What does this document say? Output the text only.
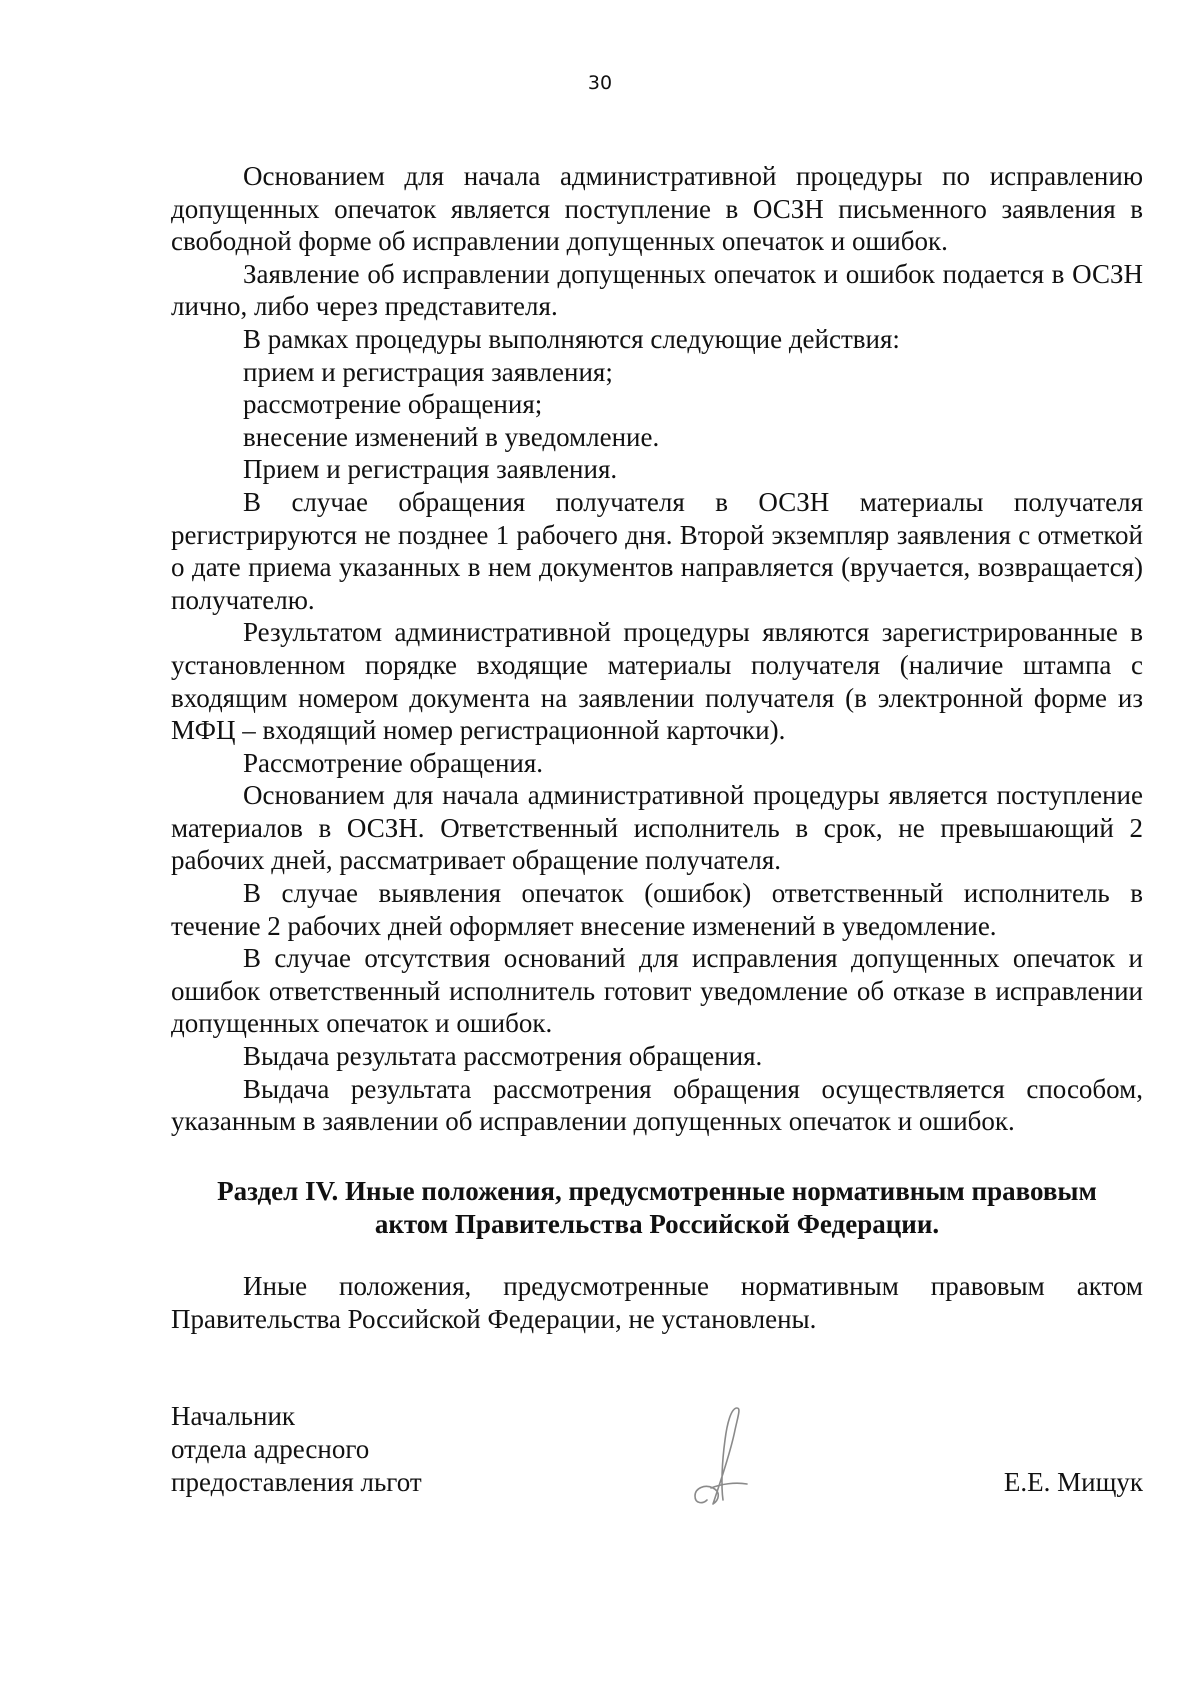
30

Основанием для начала административной процедуры по исправлению допущенных опечаток является поступление в ОСЗН письменного заявления в свободной форме об исправлении допущенных опечаток и ошибок.

Заявление об исправлении допущенных опечаток и ошибок подается в ОСЗН лично, либо через представителя.

В рамках процедуры выполняются следующие действия:

прием и регистрация заявления;

рассмотрение обращения;

внесение изменений в уведомление.

Прием и регистрация заявления.

В случае обращения получателя в ОСЗН материалы получателя регистрируются не позднее 1 рабочего дня. Второй экземпляр заявления с отметкой о дате приема указанных в нем документов направляется (вручается, возвращается) получателю.

Результатом административной процедуры являются зарегистрированные в установленном порядке входящие материалы получателя (наличие штампа с входящим номером документа на заявлении получателя (в электронной форме из МФЦ – входящий номер регистрационной карточки).

Рассмотрение обращения.

Основанием для начала административной процедуры является поступление материалов в ОСЗН. Ответственный исполнитель в срок, не превышающий 2 рабочих дней, рассматривает обращение получателя.

В случае выявления опечаток (ошибок) ответственный исполнитель в течение 2 рабочих дней оформляет внесение изменений в уведомление.

В случае отсутствия оснований для исправления допущенных опечаток и ошибок ответственный исполнитель готовит уведомление об отказе в исправлении допущенных опечаток и ошибок.

Выдача результата рассмотрения обращения.

Выдача результата рассмотрения обращения осуществляется способом, указанным в заявлении об исправлении допущенных опечаток и ошибок.

Раздел IV. Иные положения, предусмотренные нормативным правовым
актом Правительства Российской Федерации.

Иные положения, предусмотренные нормативным правовым актом Правительства Российской Федерации, не установлены.

Начальник
отдела адресного
предоставления льгот	Е.Е. Мищук
